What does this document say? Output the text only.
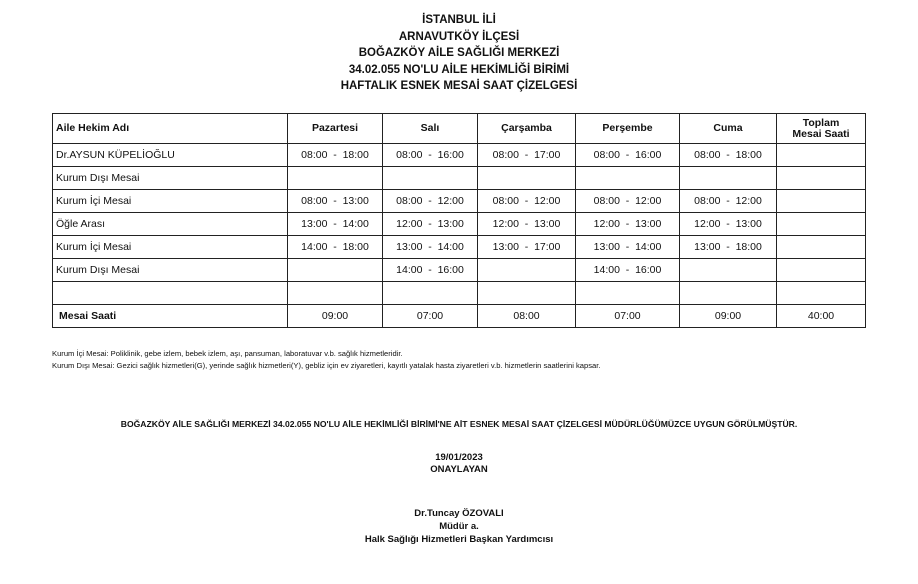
İSTANBUL İLİ
ARNAVUTKÖY İLÇESİ
BOĞAZKÖY AİLE SAĞLIĞI MERKEZİ
34.02.055 NO'LU AİLE HEKİMLİĞİ BİRİMİ
HAFTALIK ESNEK MESAİ SAAT ÇİZELGESİ
Aile Hekim Adı	Pazartesi	Salı	Çarşamba	Perşembe	Cuma	Toplam
Mesai Saati
Dr.AYSUN KÜPELİOĞLU	08:00  -  18:00	08:00  -  16:00	08:00  -  17:00	08:00  -  16:00	08:00  -  18:00	
Kurum Dışı Mesai						
Kurum İçi Mesai	08:00  -  13:00	08:00  -  12:00	08:00  -  12:00	08:00  -  12:00	08:00  -  12:00	
Öğle Arası	13:00  -  14:00	12:00  -  13:00	12:00  -  13:00	12:00  -  13:00	12:00  -  13:00	
Kurum İçi Mesai	14:00  -  18:00	13:00  -  14:00	13:00  -  17:00	13:00  -  14:00	13:00  -  18:00	
Kurum Dışı Mesai		14:00  -  16:00		14:00  -  16:00		

Mesai Saati	09:00	07:00	08:00	07:00	09:00	40:00
Kurum İçi Mesai: Poliklinik, gebe izlem, bebek izlem, aşı, pansuman, laboratuvar v.b. sağlık hizmetleridir.
Kurum Dışı Mesai: Gezici sağlık hizmetleri(G), yerinde sağlık hizmetleri(Y), gebliz için ev ziyaretleri, kayıtlı yatalak hasta ziyaretleri v.b. hizmetlerin saatlerini kapsar.
BOĞAZKÖY AİLE SAĞLIĞI MERKEZİ 34.02.055 NO'LU AİLE HEKİMLİĞİ BİRİMİ'NE AİT ESNEK MESAİ SAAT ÇİZELGESİ MÜDÜRLÜĞÜMÜZCE UYGUN GÖRÜLMÜŞTÜR.
19/01/2023
ONAYLAYAN
Dr.Tuncay ÖZOVALI
Müdür a.
Halk Sağlığı Hizmetleri Başkan Yardımcısı
